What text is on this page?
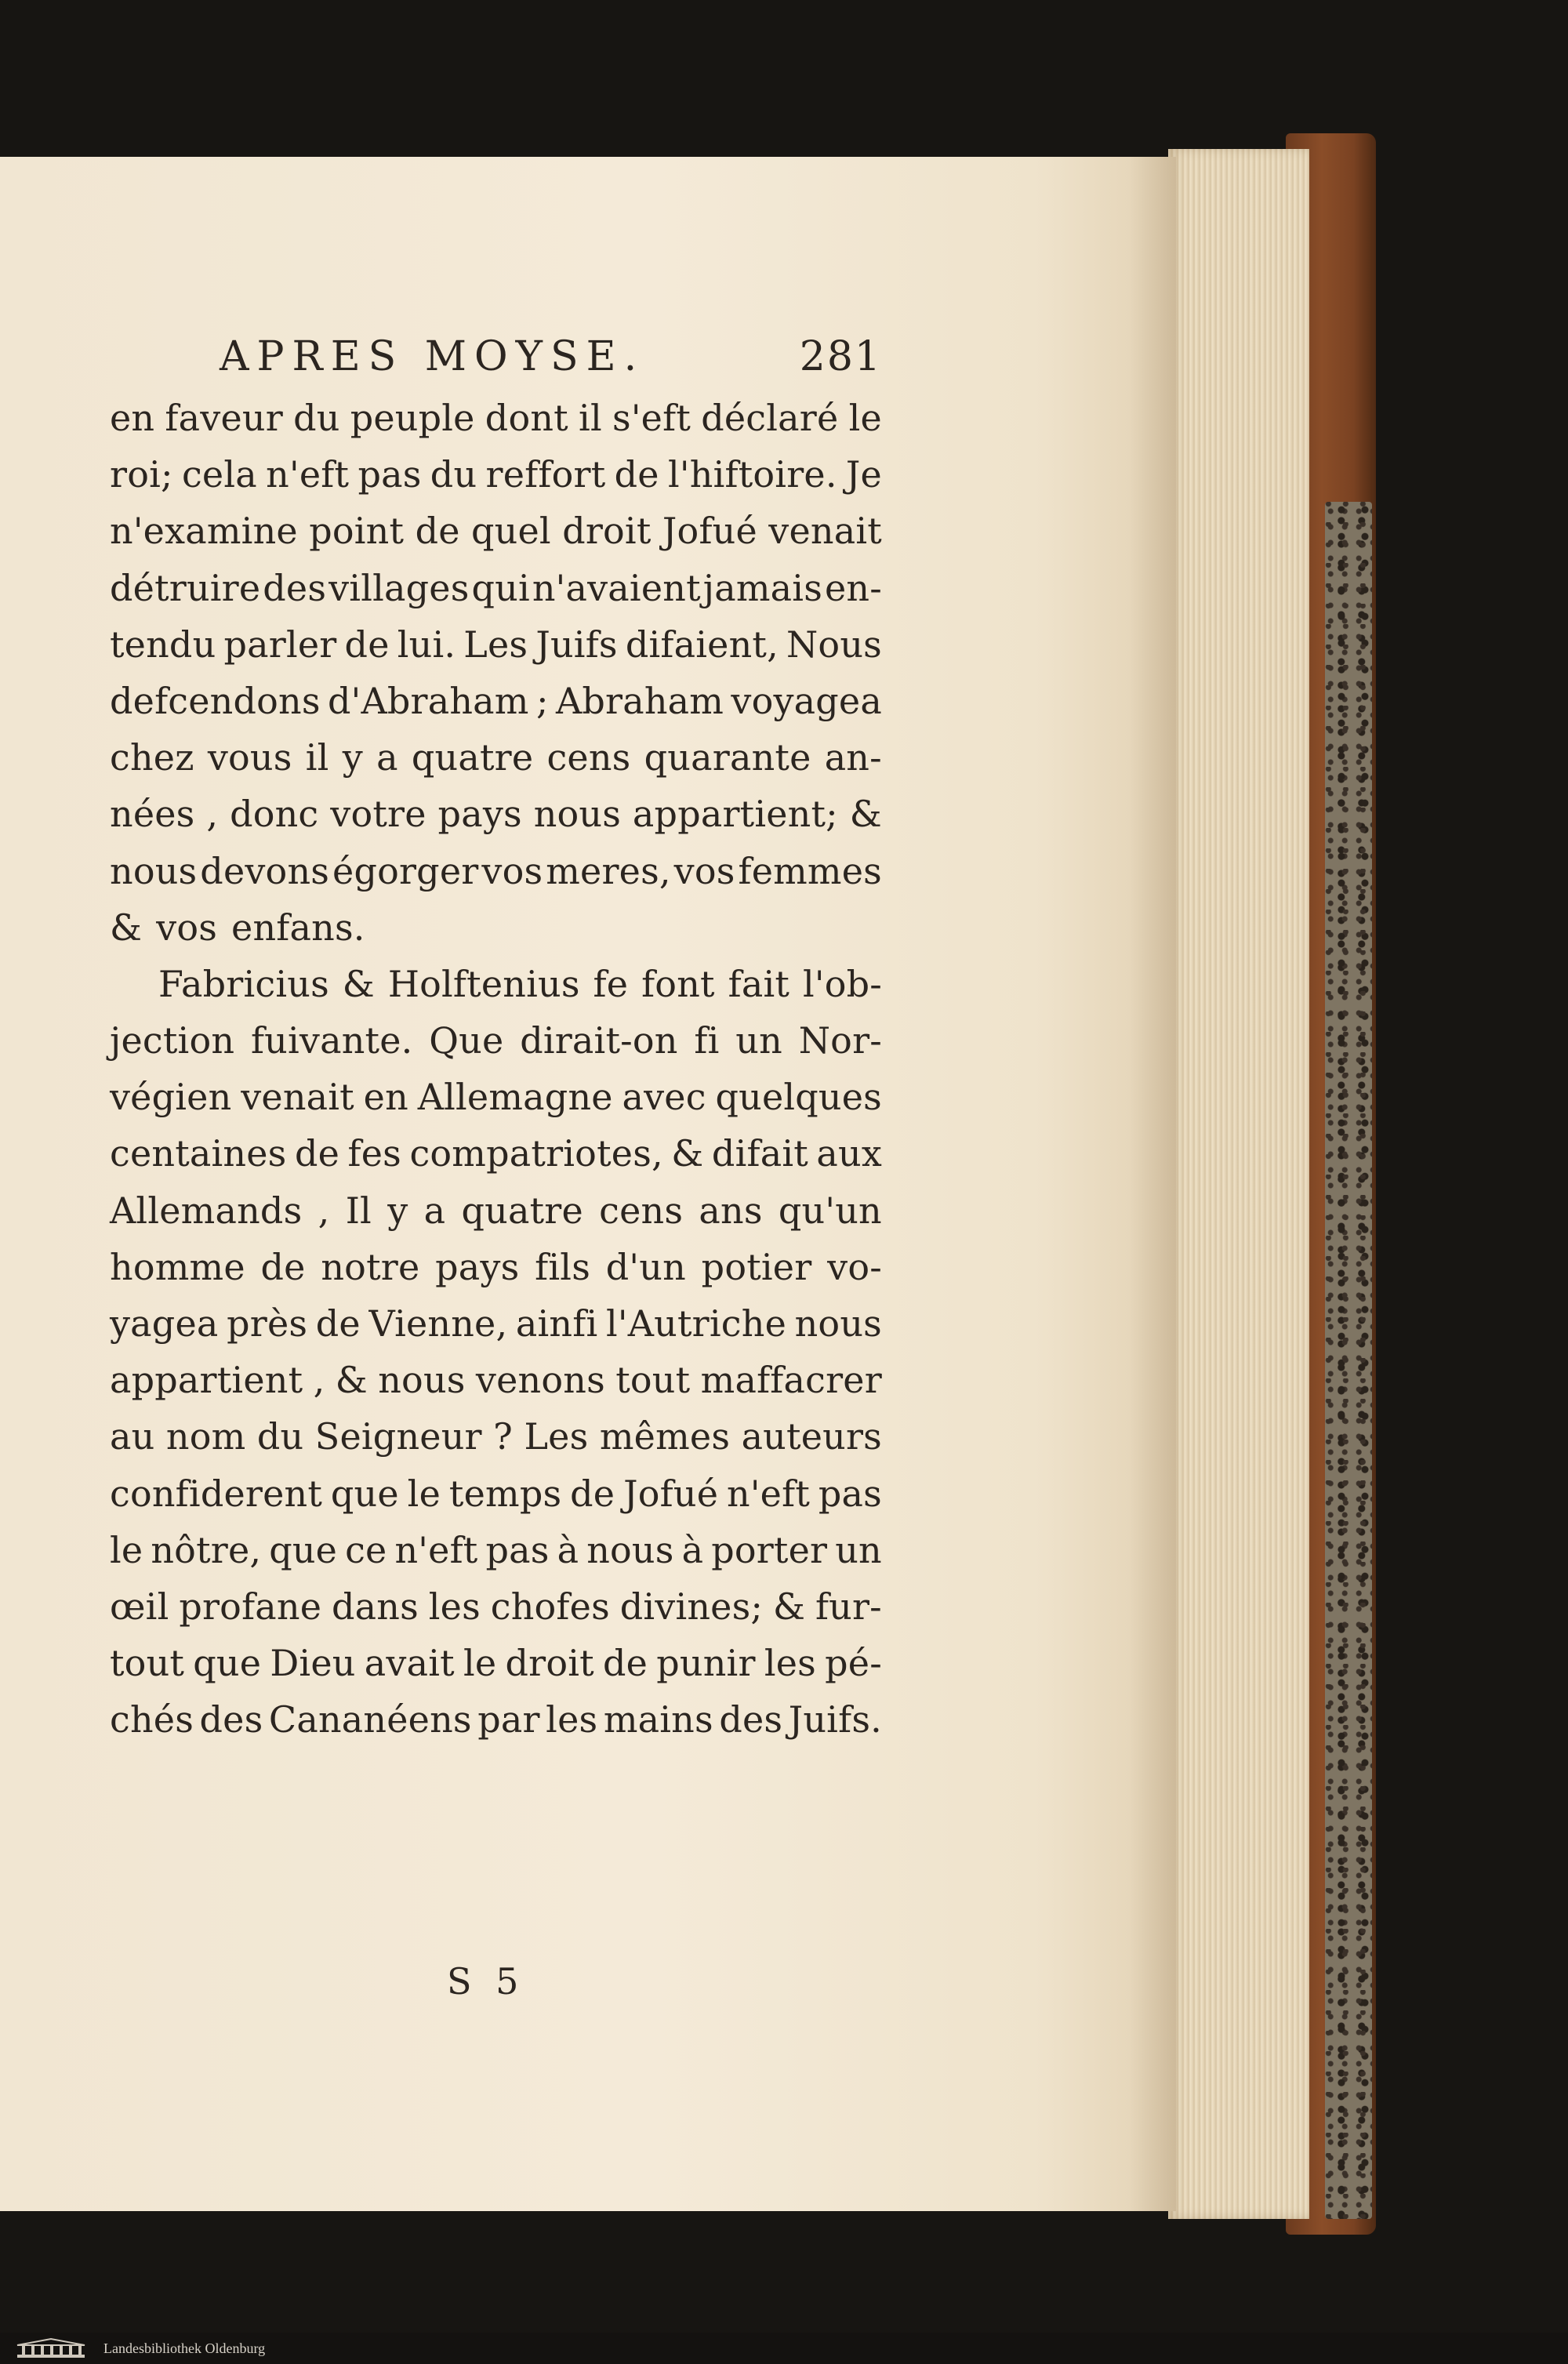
APRES MOYSE.	281
en faveur du peuple dont il s'eft déclaré le
roi; cela n'eft pas du reffort de l'hiftoire. Je
n'examine point de quel droit Jofué venait
détruire des villages qui n'avaient jamais en-
tendu parler de lui. Les Juifs difaient, Nous
defcendons d'Abraham ; Abraham voyagea
chez vous il y a quatre cens quarante an-
nées , donc votre pays nous appartient; &
nous devons égorger vos meres, vos femmes
& vos enfans.
Fabricius & Holftenius fe font fait l'ob-
jection fuivante. Que dirait-on fi un Nor-
végien venait en Allemagne avec quelques
centaines de fes compatriotes, & difait aux
Allemands , Il y a quatre cens ans qu'un
homme de notre pays fils d'un potier vo-
yagea près de Vienne, ainfi l'Autriche nous
appartient , & nous venons tout maffacrer
au nom du Seigneur ? Les mêmes auteurs
confiderent que le temps de Jofué n'eft pas
le nôtre, que ce n'eft pas à nous à porter un
œil profane dans les chofes divines; & fur-
tout que Dieu avait le droit de punir les pé-
chés des Cananéens par les mains des Juifs.
S 5
Landesbibliothek Oldenburg
